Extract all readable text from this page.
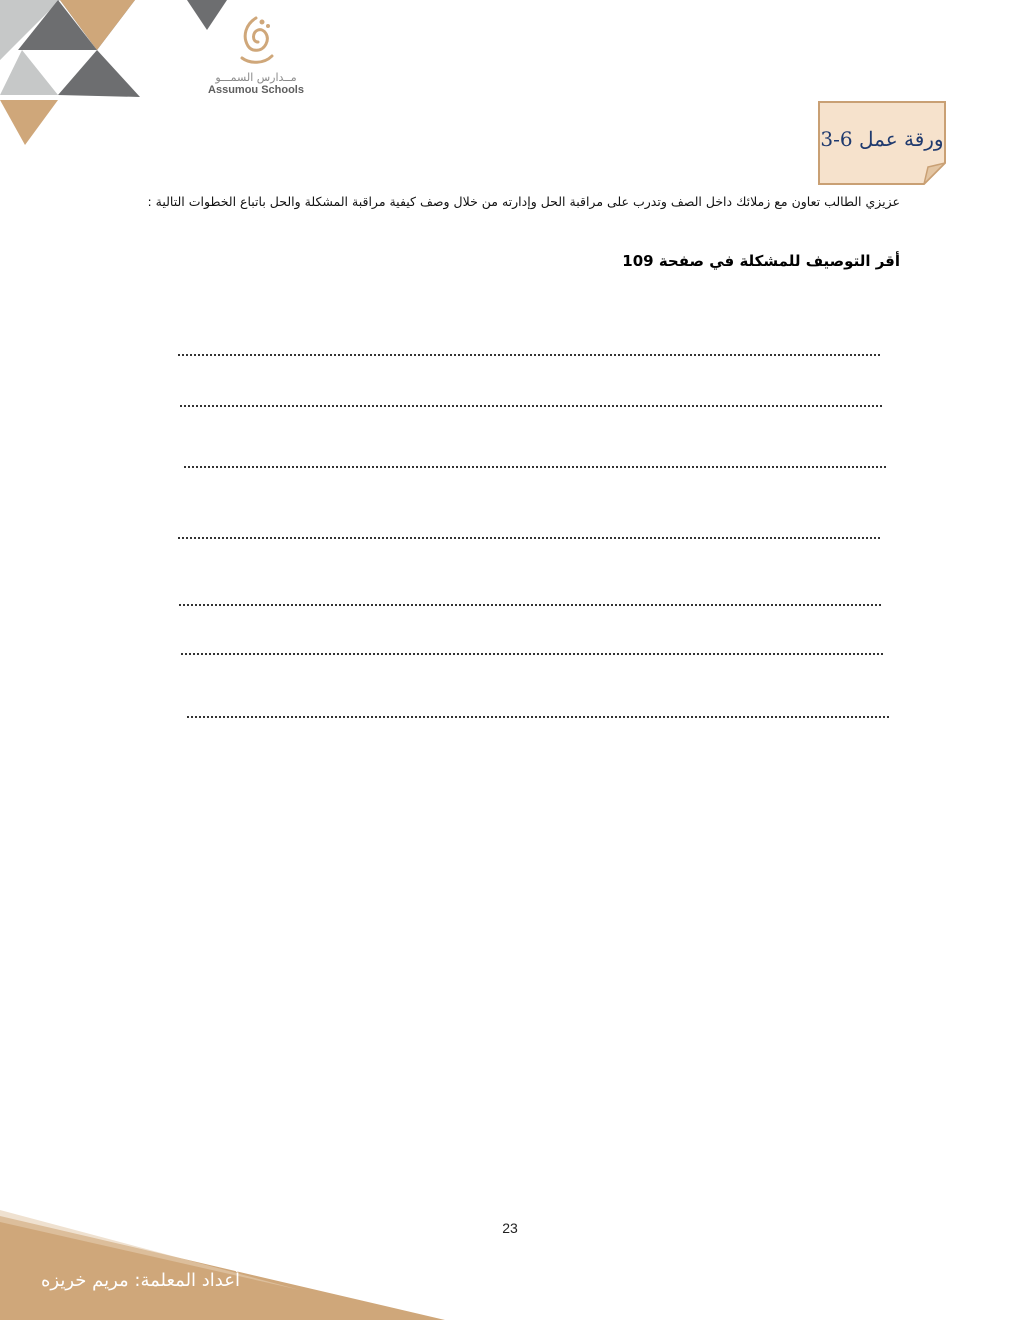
مــدارس السمـــو
Assumou Schools
ورقة عمل 6-3
عزيزي الطالب تعاون مع زملائك داخل الصف وتدرب على مراقبة الحل وإدارته من خلال وصف كيفية مراقبة المشكلة والحل باتباع الخطوات التالية :
أقر التوصيف للمشكلة في صفحة 109
23
أعداد المعلمة: مريم خريزه
